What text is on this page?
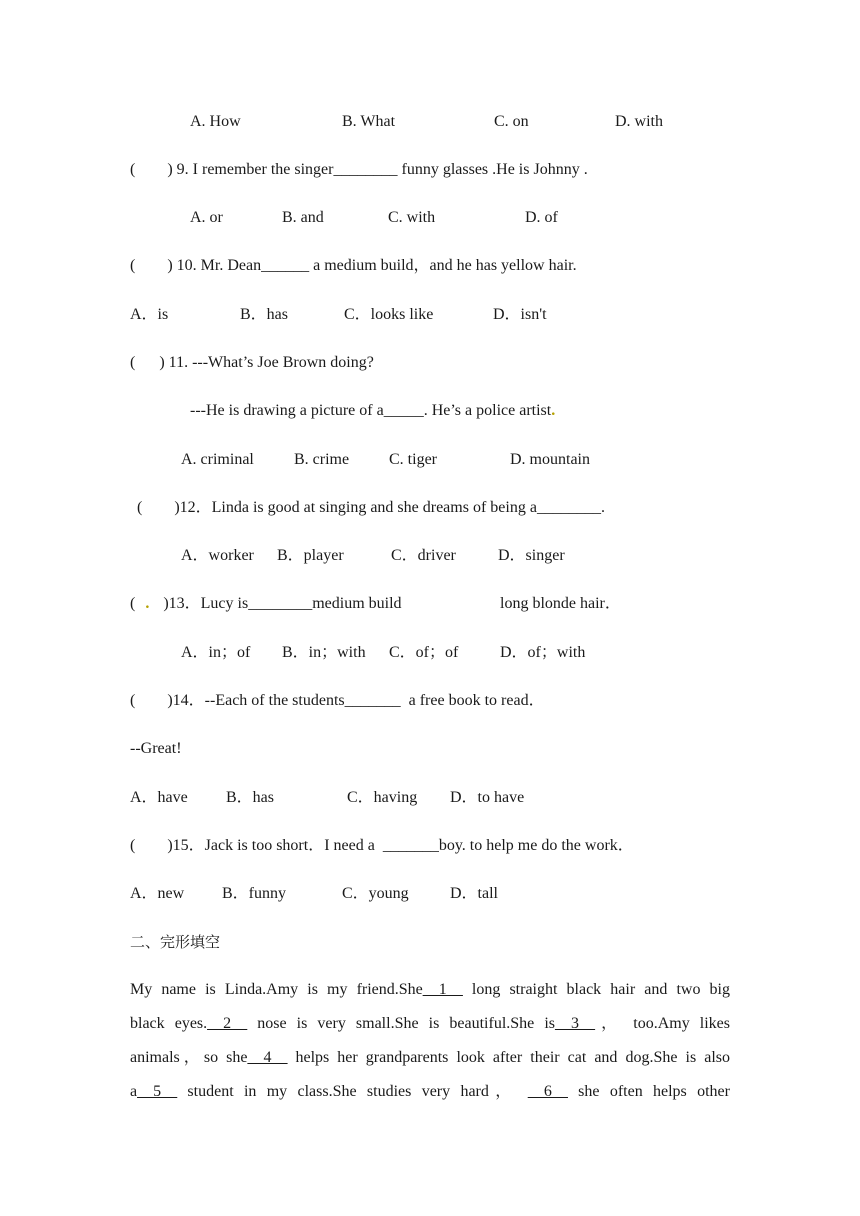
A. How	B. What	C. on	D. with
(        ) 9. I remember the singer________ funny glasses .He is Johnny .
A. or	B. and	C. with	D. of
(        ) 10. Mr. Dean______ a medium build，and he has yellow hair.
A．is	B．has	C．looks like	D．isn't
(      ) 11. ---What’s Joe Brown doing?
---He is drawing a picture of a_____. He’s a police artist.
A. criminal	B. crime C. tiger	D. mountain
(        )12．Linda is good at singing and she dreams of being a________.
A．worker B．player	C．driver	D．singer
( . )13．Lucy is________medium build	long blonde hair．
A．in；of B．in；with C．of；of	D．of；with
(        )14．--Each of the students_______  a free book to read．
--Great!
A．have B．has	C．having D．to have
(        )15．Jack is too short．I need a  _______boy. to help me do the work．
A．new B．funny	C．young	D．tall
二、完形填空
My name is Linda.Amy is my friend.She__1__ long straight black hair and two big
black eyes.__2__ nose is very small.She is beautiful.She is__3__， too.Amy likes
animals，so she__4__ helps her grandparents look after their cat and dog.She is also
a__5__ student in my class.She studies very hard， __6__ she often helps other
